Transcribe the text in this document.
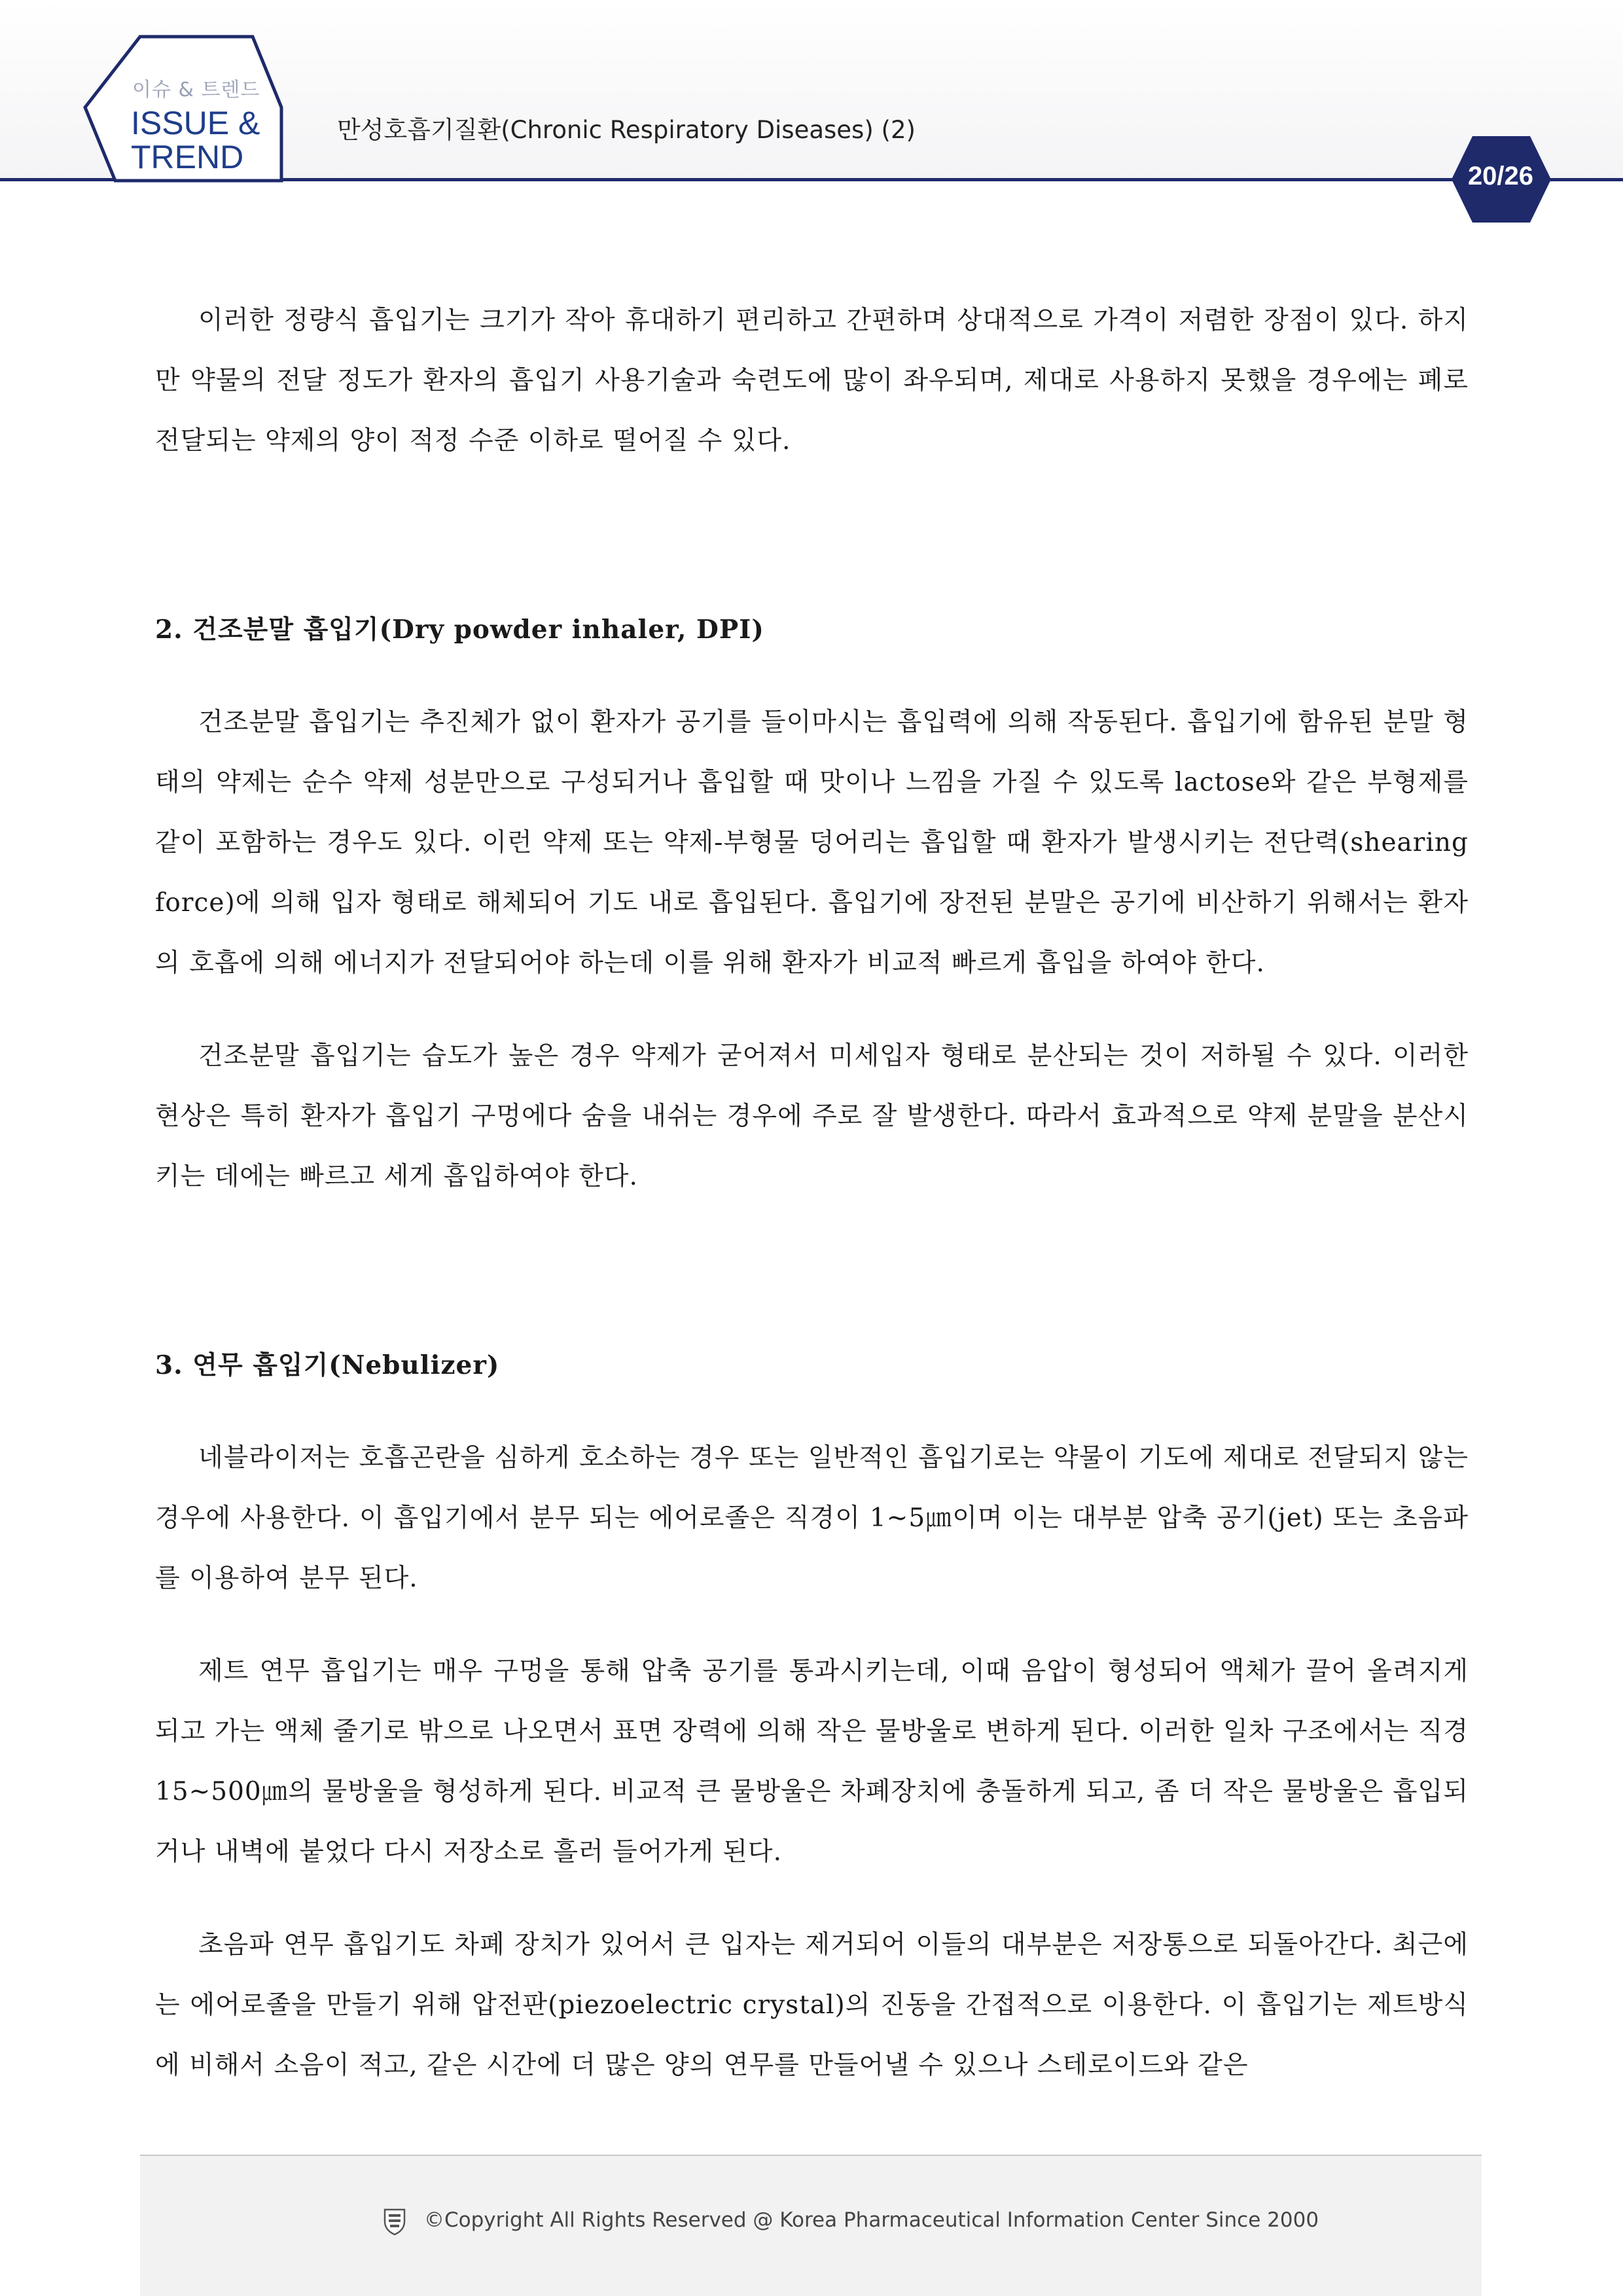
이슈 & 트렌드
ISSUE &
TREND
만성호흡기질환(Chronic Respiratory Diseases) (2)
20/26

이러한 정량식 흡입기는 크기가 작아 휴대하기 편리하고 간편하며 상대적으로 가격이 저렴한 장점이 있다. 하지만 약물의 전달 정도가 환자의 흡입기 사용기술과 숙련도에 많이 좌우되며, 제대로 사용하지 못했을 경우에는 폐로 전달되는 약제의 양이 적정 수준 이하로 떨어질 수 있다.

2. 건조분말 흡입기(Dry powder inhaler, DPI)

건조분말 흡입기는 추진체가 없이 환자가 공기를 들이마시는 흡입력에 의해 작동된다. 흡입기에 함유된 분말 형태의 약제는 순수 약제 성분만으로 구성되거나 흡입할 때 맛이나 느낌을 가질 수 있도록 lactose와 같은 부형제를 같이 포함하는 경우도 있다. 이런 약제 또는 약제-부형물 덩어리는 흡입할 때 환자가 발생시키는 전단력(shearing force)에 의해 입자 형태로 해체되어 기도 내로 흡입된다. 흡입기에 장전된 분말은 공기에 비산하기 위해서는 환자의 호흡에 의해 에너지가 전달되어야 하는데 이를 위해 환자가 비교적 빠르게 흡입을 하여야 한다.

건조분말 흡입기는 습도가 높은 경우 약제가 굳어져서 미세입자 형태로 분산되는 것이 저하될 수 있다. 이러한 현상은 특히 환자가 흡입기 구멍에다 숨을 내쉬는 경우에 주로 잘 발생한다. 따라서 효과적으로 약제 분말을 분산시키는 데에는 빠르고 세게 흡입하여야 한다.

3. 연무 흡입기(Nebulizer)

네블라이저는 호흡곤란을 심하게 호소하는 경우 또는 일반적인 흡입기로는 약물이 기도에 제대로 전달되지 않는 경우에 사용한다. 이 흡입기에서 분무 되는 에어로졸은 직경이 1~5㎛이며 이는 대부분 압축 공기(jet) 또는 초음파를 이용하여 분무 된다.

제트 연무 흡입기는 매우 구멍을 통해 압축 공기를 통과시키는데, 이때 음압이 형성되어 액체가 끌어 올려지게 되고 가는 액체 줄기로 밖으로 나오면서 표면 장력에 의해 작은 물방울로 변하게 된다. 이러한 일차 구조에서는 직경 15~500㎛의 물방울을 형성하게 된다. 비교적 큰 물방울은 차폐장치에 충돌하게 되고, 좀 더 작은 물방울은 흡입되거나 내벽에 붙었다 다시 저장소로 흘러 들어가게 된다.

초음파 연무 흡입기도 차폐 장치가 있어서 큰 입자는 제거되어 이들의 대부분은 저장통으로 되돌아간다. 최근에는 에어로졸을 만들기 위해 압전판(piezoelectric crystal)의 진동을 간접적으로 이용한다. 이 흡입기는 제트방식에 비해서 소음이 적고, 같은 시간에 더 많은 양의 연무를 만들어낼 수 있으나 스테로이드와 같은

©Copyright All Rights Reserved @ Korea Pharmaceutical Information Center Since 2000
